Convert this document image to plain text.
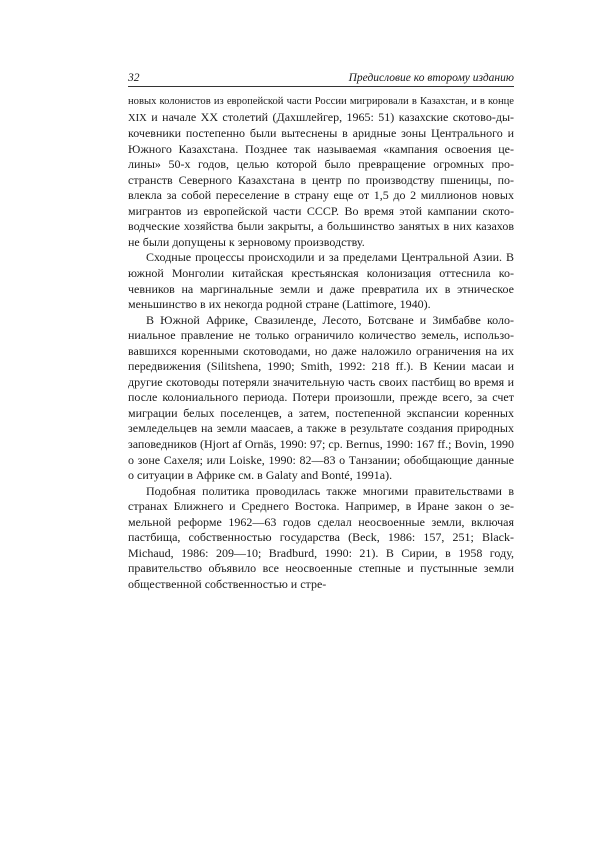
32	Предисловие ко второму изданию

новых колонистов из европейской части России мигрировали в Казахстан, и в конце XIX и начале XX столетий (Дахшлейгер, 1965: 51) казахские скотово-ды-кочевники постепенно были вытеснены в аридные зоны Центрального и Южного Казахстана. Позднее так называемая «кампания освоения це-лины» 50-х годов, целью которой было превращение огромных про-странств Северного Казахстана в центр по производству пшеницы, по-влекла за собой переселение в страну еще от 1,5 до 2 миллионов новых мигрантов из европейской части СССР. Во время этой кампании ското-водческие хозяйства были закрыты, а большинство занятых в них казахов не были допущены к зерновому производству.

Сходные процессы происходили и за пределами Центральной Азии. В южной Монголии китайская крестьянская колонизация оттеснила ко-чевников на маргинальные земли и даже превратила их в этническое меньшинство в их некогда родной стране (Lattimore, 1940).

В Южной Африке, Свазиленде, Лесото, Ботсване и Зимбабве коло-ниальное правление не только ограничило количество земель, использо-вавшихся коренными скотоводами, но даже наложило ограничения на их передвижения (Silitshena, 1990; Smith, 1992: 218 ff.). В Кении масаи и другие скотоводы потеряли значительную часть своих пастбищ во время и после колониального периода. Потери произошли, прежде всего, за счет миграции белых поселенцев, а затем, постепенной экспансии коренных земледельцев на земли маасаев, а также в результате создания природных заповедников (Hjort af Ornäs, 1990: 97; ср. Bernus, 1990: 167 ff.; Bovin, 1990 о зоне Сахеля; или Loiske, 1990: 82—83 о Танзании; обобщающие данные о ситуации в Африке см. в Galaty and Bonté, 1991a).

Подобная политика проводилась также многими правительствами в странах Ближнего и Среднего Востока. Например, в Иране закон о зе-мельной реформе 1962—63 годов сделал неосвоенные земли, включая пастбища, собственностью государства (Beck, 1986: 157, 251; Black-Michaud, 1986: 209—10; Bradburd, 1990: 21). В Сирии, в 1958 году, правительство объявило все неосвоенные степные и пустынные земли общественной собственностью и стре-
